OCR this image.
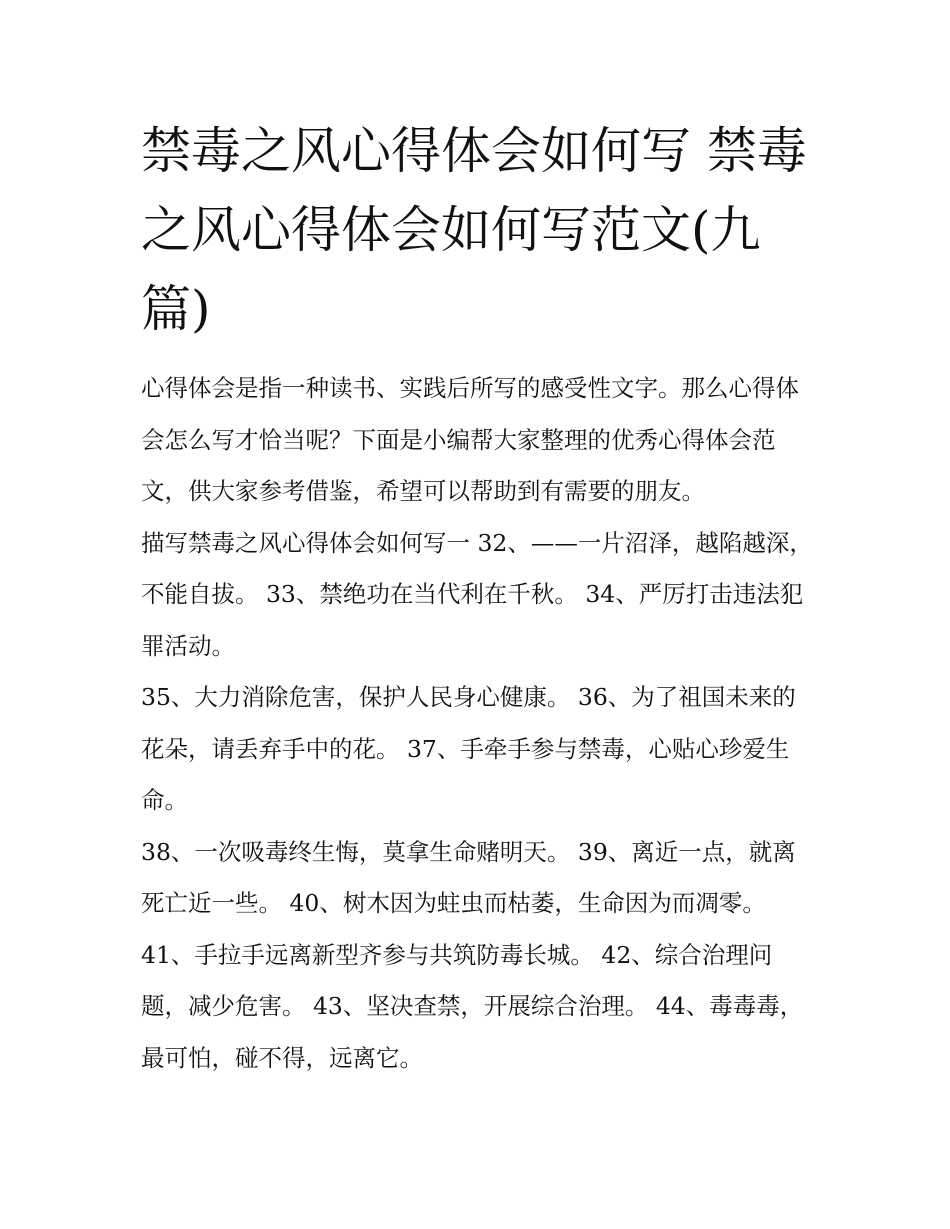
禁毒之风心得体会如何写 禁毒之风心得体会如何写范文(九篇)

心得体会是指一种读书、实践后所写的感受性文字。那么心得体会怎么写才恰当呢？下面是小编帮大家整理的优秀心得体会范文，供大家参考借鉴，希望可以帮助到有需要的朋友。

描写禁毒之风心得体会如何写一 32、——一片沼泽，越陷越深，不能自拔。 33、禁绝功在当代利在千秋。 34、严厉打击违法犯罪活动。

35、大力消除危害，保护人民身心健康。 36、为了祖国未来的花朵，请丢弃手中的花。 37、手牵手参与禁毒，心贴心珍爱生命。

38、一次吸毒终生悔，莫拿生命赌明天。 39、离近一点，就离死亡近一些。 40、树木因为蛀虫而枯萎，生命因为而凋零。

41、手拉手远离新型齐参与共筑防毒长城。 42、综合治理问题，减少危害。 43、坚决查禁，开展综合治理。 44、毒毒毒，最可怕，碰不得，远离它。
